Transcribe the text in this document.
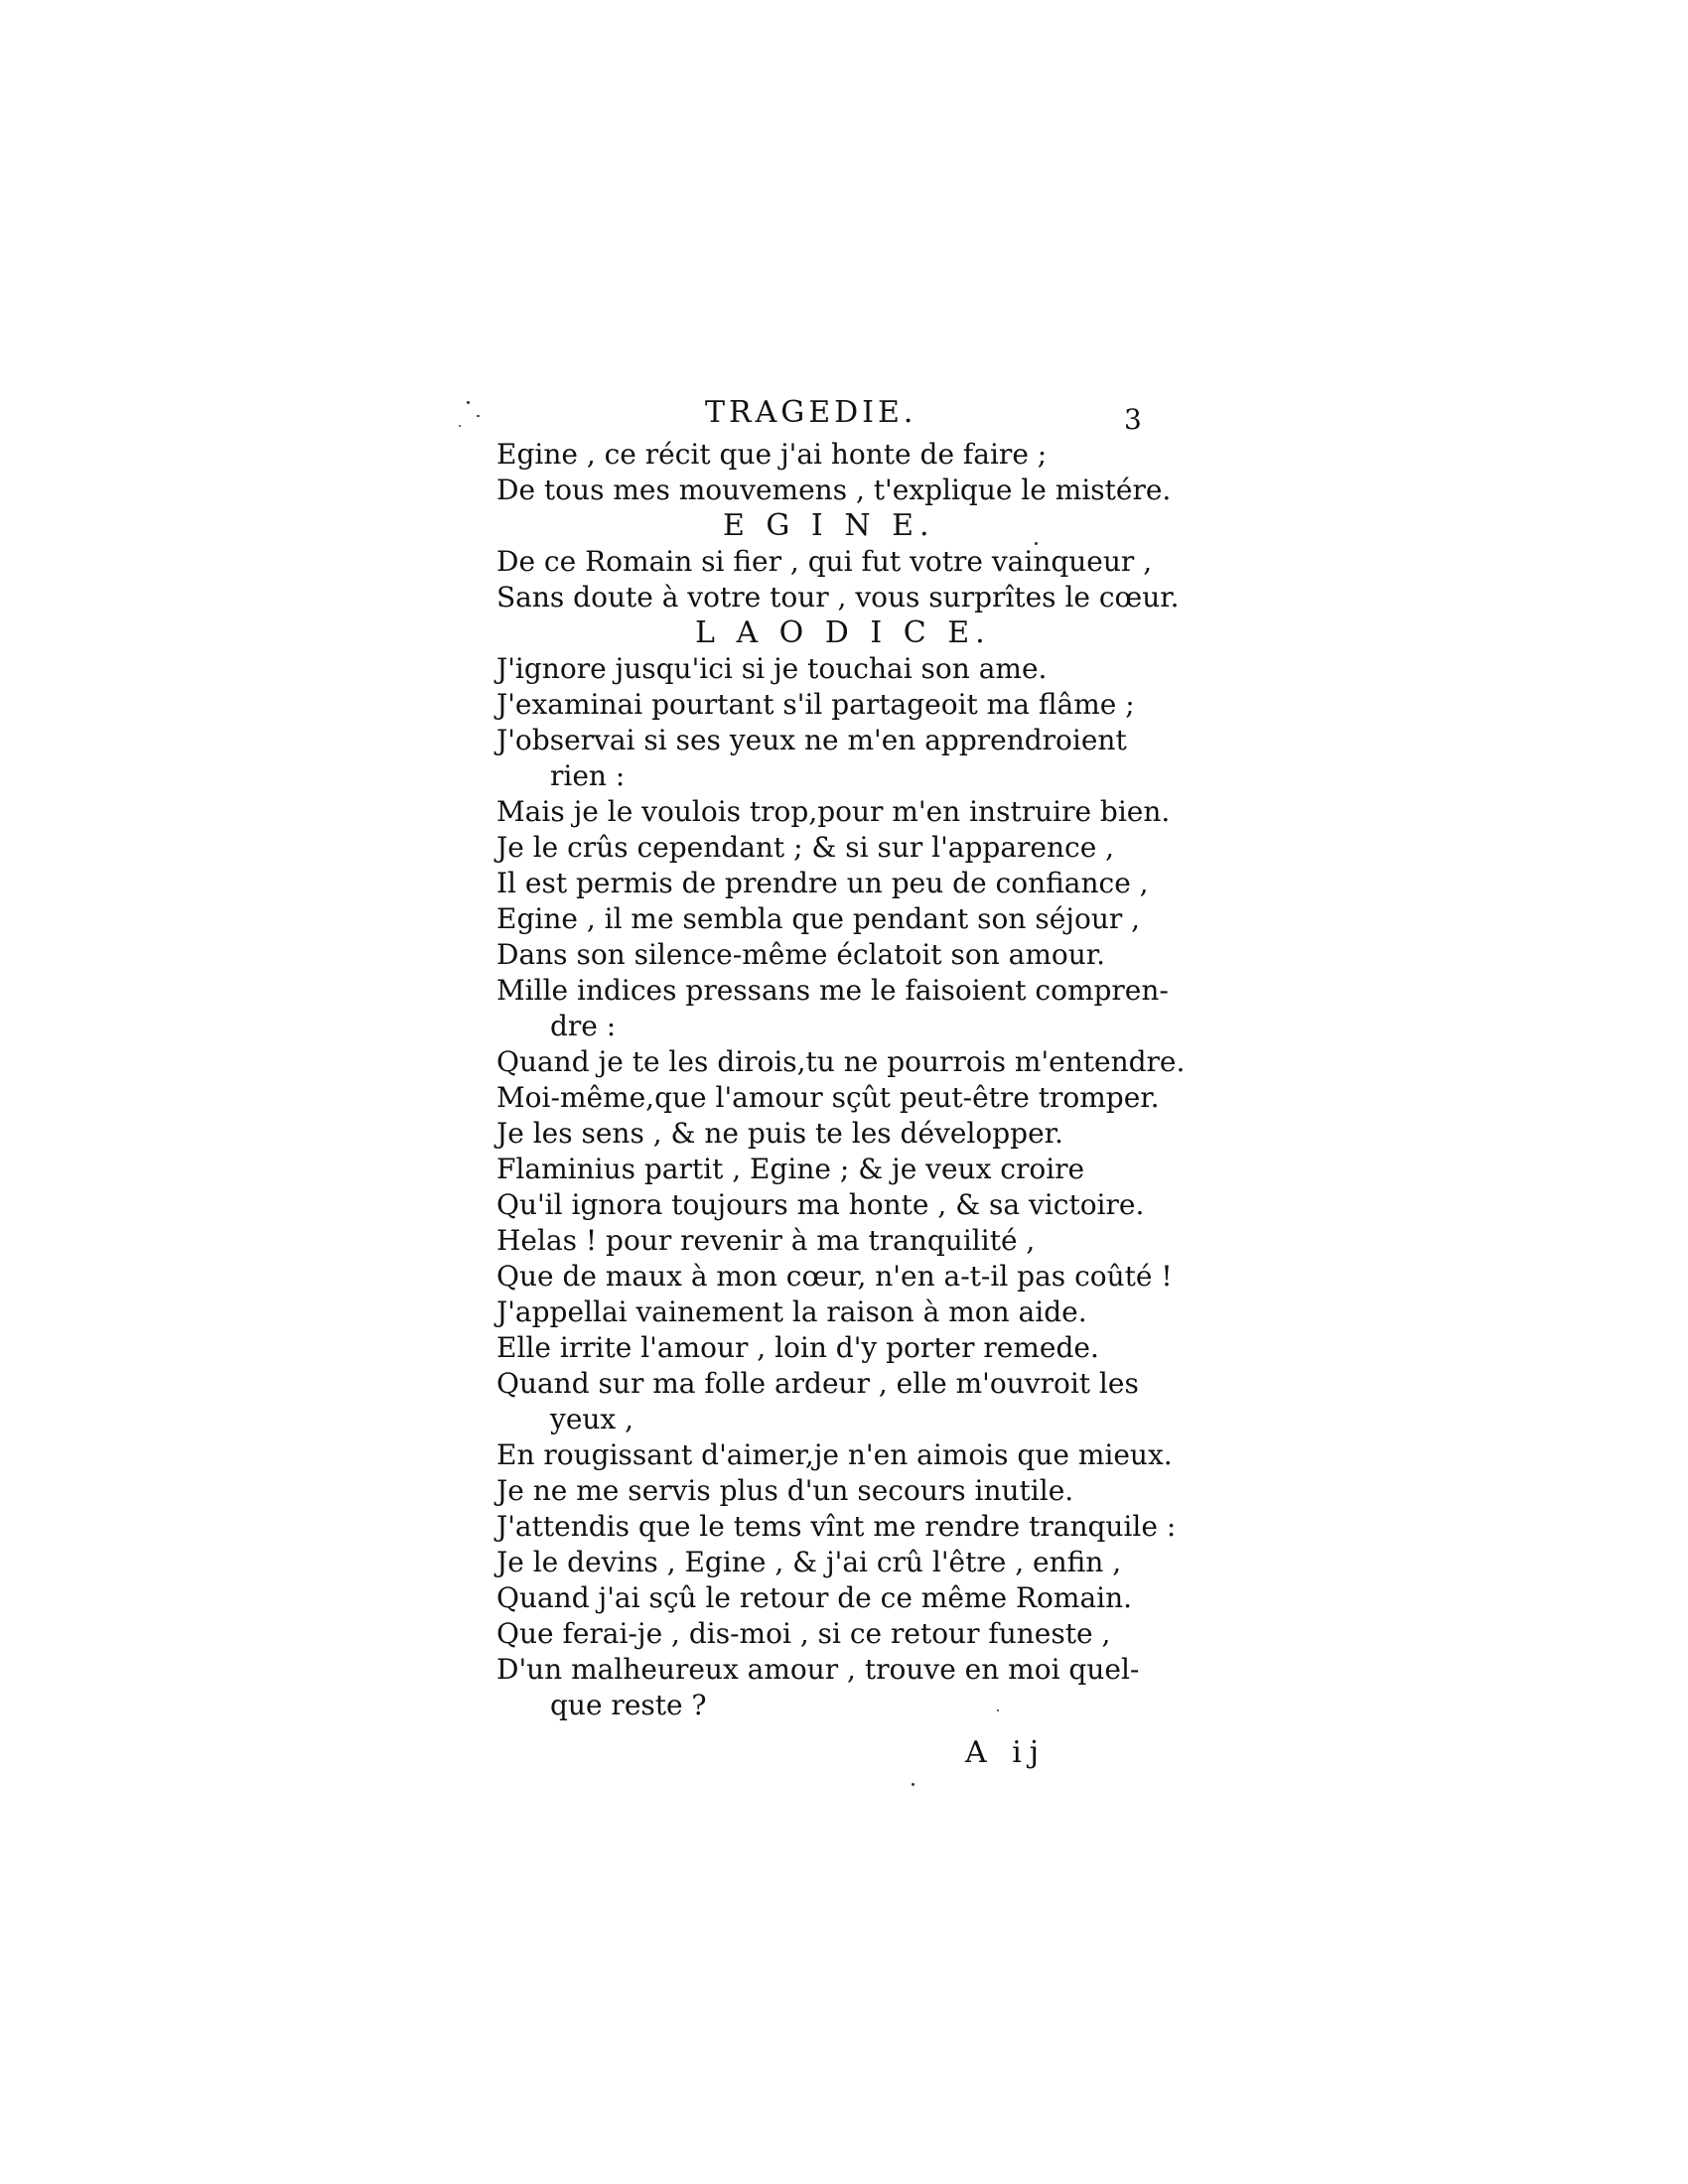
TRAGEDIE.	3
Egine , ce récit que j'ai honte de faire ;
De tous mes mouvemens , t'explique le mistére.
E G I N E.
De ce Romain si fier , qui fut votre vainqueur ,
Sans doute à votre tour , vous surprîtes le cœur.
L A O D I C E.
J'ignore jusqu'ici si je touchai son ame.
J'examinai pourtant s'il partageoit ma flâme ;
J'observai si ses yeux ne m'en apprendroient
rien :
Mais je le voulois trop,pour m'en instruire bien.
Je le crûs cependant ; & si sur l'apparence ,
Il est permis de prendre un peu de confiance ,
Egine , il me sembla que pendant son séjour ,
Dans son silence-même éclatoit son amour.
Mille indices pressans me le faisoient compren-
dre :
Quand je te les dirois,tu ne pourrois m'entendre.
Moi-même,que l'amour sçût peut-être tromper.
Je les sens , & ne puis te les développer.
Flaminius partit , Egine ; & je veux croire
Qu'il ignora toujours ma honte , & sa victoire.
Helas ! pour revenir à ma tranquilité ,
Que de maux à mon cœur, n'en a-t-il pas coûté !
J'appellai vainement la raison à mon aide.
Elle irrite l'amour , loin d'y porter remede.
Quand sur ma folle ardeur , elle m'ouvroit les
yeux ,
En rougissant d'aimer,je n'en aimois que mieux.
Je ne me servis plus d'un secours inutile.
J'attendis que le tems vînt me rendre tranquile :
Je le devins , Egine , & j'ai crû l'être , enfin ,
Quand j'ai sçû le retour de ce même Romain.
Que ferai-je , dis-moi , si ce retour funeste ,
D'un malheureux amour , trouve en moi quel-
que reste ?
A ij
